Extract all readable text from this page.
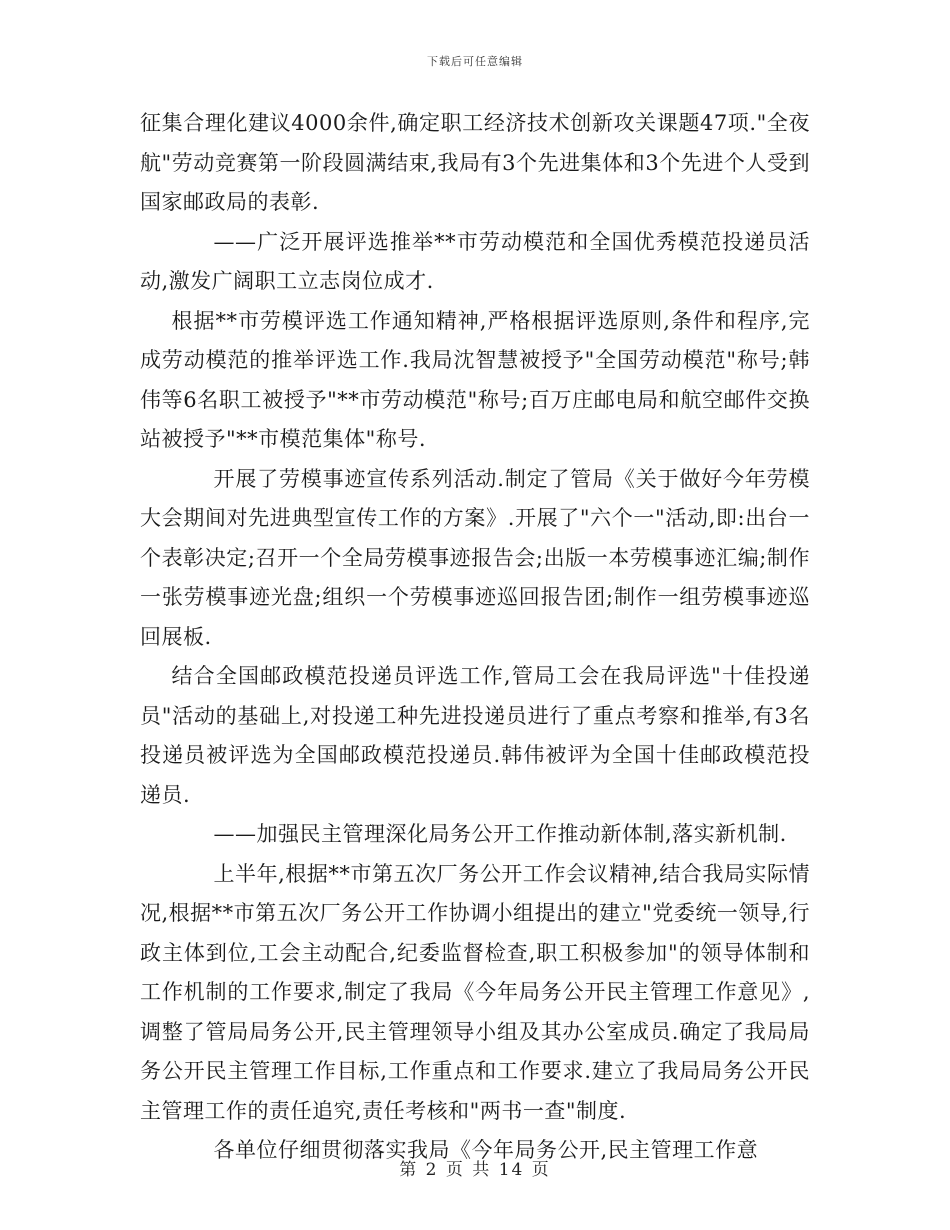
下载后可任意编辑

征集合理化建议4000余件,确定职工经济技术创新攻关课题47项."全夜航"劳动竞赛第一阶段圆满结束,我局有3个先进集体和3个先进个人受到国家邮政局的表彰.

——广泛开展评选推举**市劳动模范和全国优秀模范投递员活动,激发广阔职工立志岗位成才.

根据**市劳模评选工作通知精神,严格根据评选原则,条件和程序,完成劳动模范的推举评选工作.我局沈智慧被授予"全国劳动模范"称号;韩伟等6名职工被授予"**市劳动模范"称号;百万庄邮电局和航空邮件交换站被授予"**市模范集体"称号.

开展了劳模事迹宣传系列活动.制定了管局《关于做好今年劳模大会期间对先进典型宣传工作的方案》.开展了"六个一"活动,即:出台一个表彰决定;召开一个全局劳模事迹报告会;出版一本劳模事迹汇编;制作一张劳模事迹光盘;组织一个劳模事迹巡回报告团;制作一组劳模事迹巡回展板.

结合全国邮政模范投递员评选工作,管局工会在我局评选"十佳投递员"活动的基础上,对投递工种先进投递员进行了重点考察和推举,有3名投递员被评选为全国邮政模范投递员.韩伟被评为全国十佳邮政模范投递员.

——加强民主管理深化局务公开工作推动新体制,落实新机制.

上半年,根据**市第五次厂务公开工作会议精神,结合我局实际情况,根据**市第五次厂务公开工作协调小组提出的建立"党委统一领导,行政主体到位,工会主动配合,纪委监督检查,职工积极参加"的领导体制和工作机制的工作要求,制定了我局《今年局务公开民主管理工作意见》,调整了管局局务公开,民主管理领导小组及其办公室成员.确定了我局局务公开民主管理工作目标,工作重点和工作要求.建立了我局局务公开民主管理工作的责任追究,责任考核和"两书一查"制度.

各单位仔细贯彻落实我局《今年局务公开,民主管理工作意

第 2 页 共 14 页
